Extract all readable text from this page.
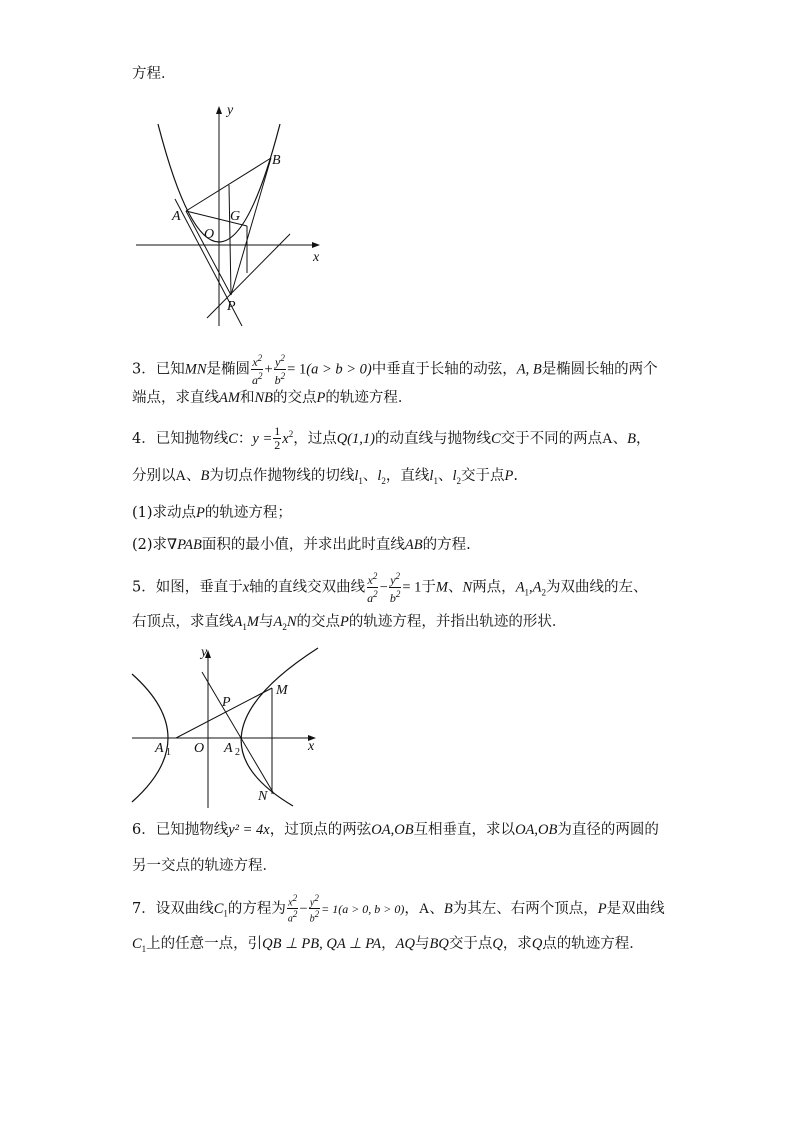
方程．
y
x
A
B
G
O
P
3．已知MN是椭圆 $\frac{x^2}{a^2} + \frac{y^2}{b^2} = 1(a > b > 0)$中垂直于长轴的动弦，A, B是椭圆长轴的两个
端点，求直线AM和NB的交点P的轨迹方程．
4．已知抛物线C：$y = \frac{1}{2} x^2$，过点Q(1,1)的动直线与抛物线C交于不同的两点A、B，
分别以A、B为切点作抛物线的切线$l_1$、$l_2$，直线$l_1$、$l_2$交于点P.
(1)求动点P的轨迹方程；
(2)求∇PAB面积的最小值，并求出此时直线AB的方程.
5．如图，垂直于x轴的直线交双曲线 $\frac{x^2}{a^2} - \frac{y^2}{b^2} = 1$于M、N两点，$A_1,A_2$为双曲线的左、
右顶点，求直线$A_1M$与$A_2N$的交点P的轨迹方程，并指出轨迹的形状．
y
x
P
M
N
O
A 1	A 2
6．已知抛物线y² = 4x，过顶点的两弦OA,OB互相垂直，求以OA,OB为直径的两圆的
另一交点的轨迹方程．
7．设双曲线$C_1$的方程为 $\frac{x^2}{a^2} - \frac{y^2}{b^2} = 1(a > 0$, b > 0)，A、B为其左、右两个顶点，P是双曲线
$C_1$上的任意一点，引QB ⊥ PB, QA ⊥ PA，AQ与BQ交于点Q，求Q点的轨迹方程．
